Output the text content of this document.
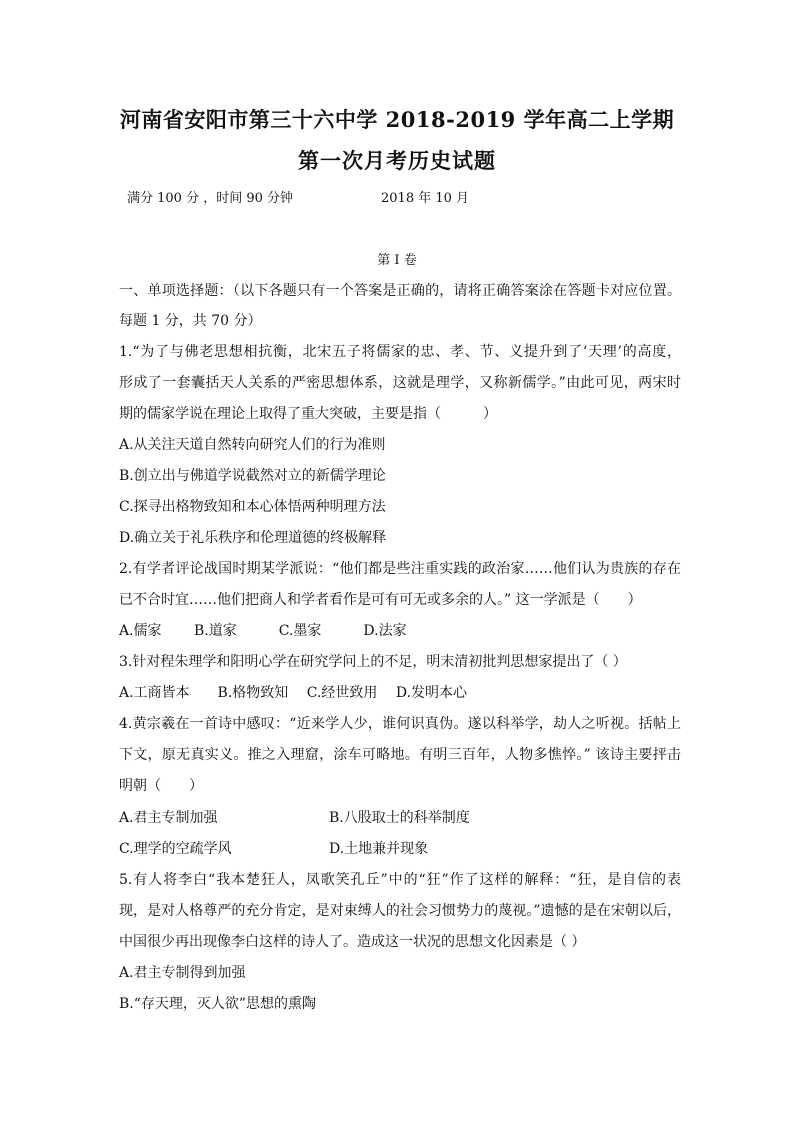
河南省安阳市第三十六中学 2018-2019 学年高二上学期
第一次月考历史试题
满分 100 分 ，时间 90 分钟	2018 年 10 月
第 I 卷
一、单项选择题：（以下各题只有一个答案是正确的，请将正确答案涂在答题卡对应位置。
每题 1 分，共 70 分）
1.“为了与佛老思想相抗衡，北宋五子将儒家的忠、孝、节、义提升到了‘天理’的高度，
形成了一套囊括天人关系的严密思想体系，这就是理学，又称新儒学。”由此可见，两宋时
期的儒家学说在理论上取得了重大突破，主要是指（　　　）
A.从关注天道自然转向研究人们的行为准则
B.创立出与佛道学说截然对立的新儒学理论
C.探寻出格物致知和本心体悟两种明理方法
D.确立关于礼乐秩序和伦理道德的终极解释
2.有学者评论战国时期某学派说：“他们都是些注重实践的政治家……他们认为贵族的存在
已不合时宜……他们把商人和学者看作是可有可无或多余的人。” 这一学派是（　　）
A.儒家　　 B.道家　　　C.墨家　　　D.法家
3.针对程朱理学和阳明心学在研究学问上的不足，明末清初批判思想家提出了（ ）
A.工商皆本　　B.格物致知　 C.经世致用　 D.发明本心
4.黄宗羲在一首诗中感叹：“近来学人少，谁何识真伪。遂以科举学，劫人之听视。括帖上
下文，原无真实义。推之入理窟，涂车可略地。有明三百年，人物多憔悴。” 该诗主要抨击
明朝（　　）
A.君主专制加强	B.八股取士的科举制度
C.理学的空疏学风	D.土地兼并现象
5.有人将李白“我本楚狂人，凤歌笑孔丘”中的“狂”作了这样的解释：“狂，是自信的表
现，是对人格尊严的充分肯定，是对束缚人的社会习惯势力的蔑视。”遗憾的是在宋朝以后，
中国很少再出现像李白这样的诗人了。造成这一状况的思想文化因素是（ ）
A.君主专制得到加强
B.“存天理，灭人欲”思想的熏陶
